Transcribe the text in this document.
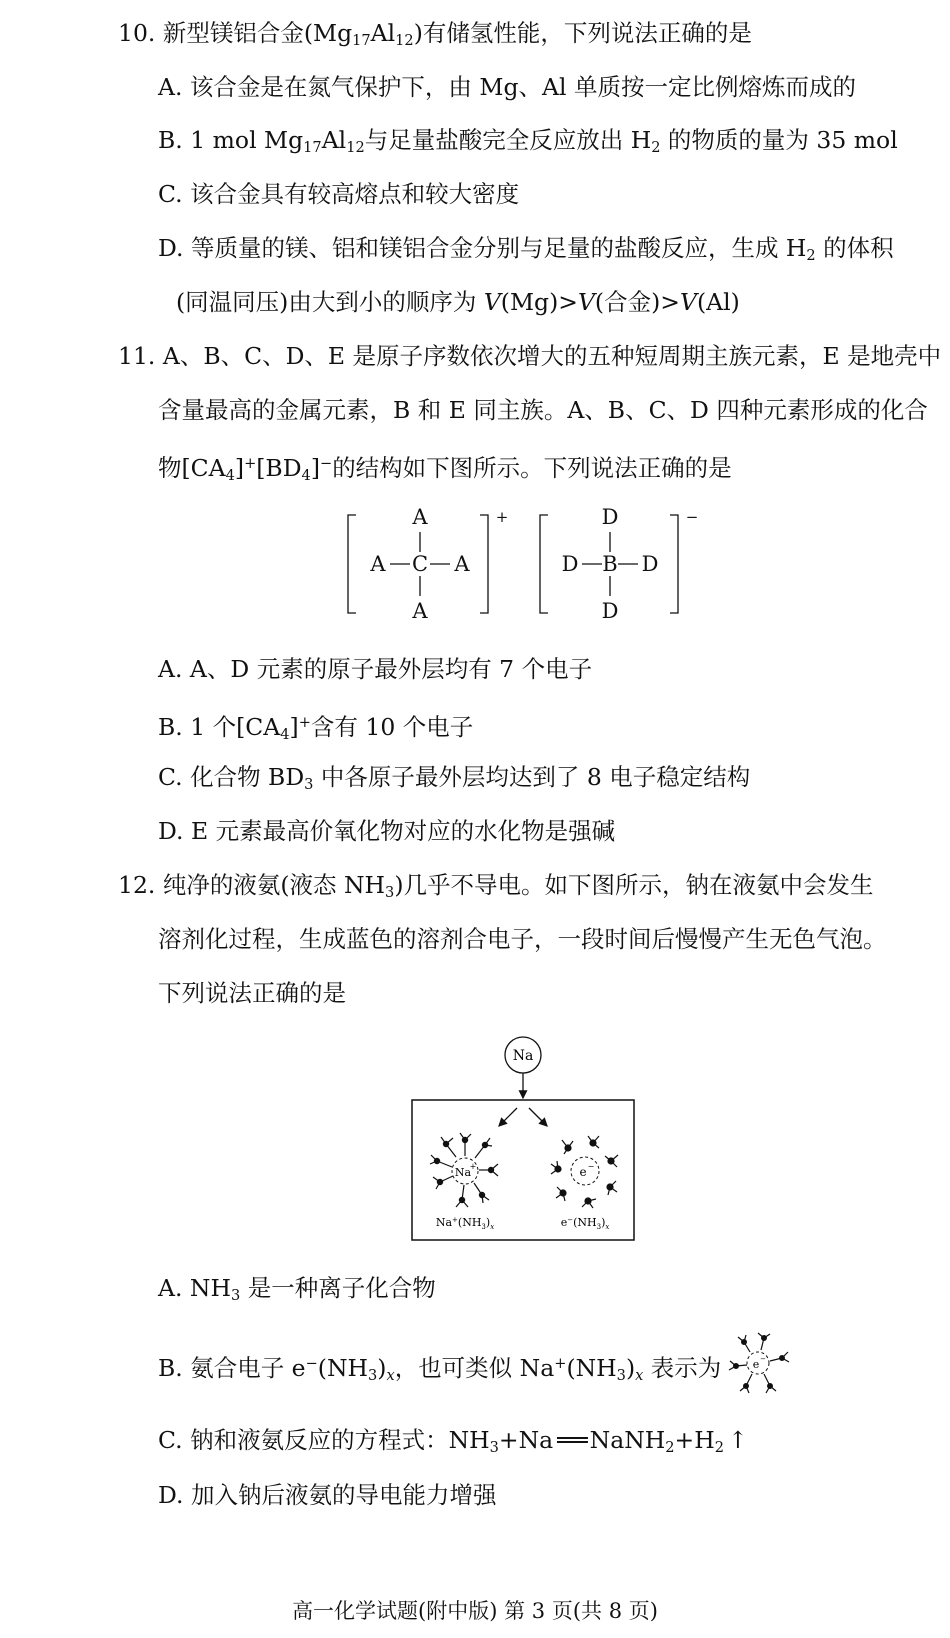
10. 新型镁铝合金$(Mg_{17}Al_{12})$有储氢性能，下列说法正确的是
A. 该合金是在氮气保护下，由 Mg、Al 单质按一定比例熔炼而成的
B. 1 mol $Mg_{17}Al_{12}$与足量盐酸完全反应放出 $H_2$ 的物质的量为 35 mol
C. 该合金具有较高熔点和较大密度
D. 等质量的镁、铝和镁铝合金分别与足量的盐酸反应，生成 $H_2$ 的体积
(同温同压)由大到小的顺序为 V(Mg)>V(合金)>V(Al)
11. A、B、C、D、E 是原子序数依次增大的五种短周期主族元素，E 是地壳中
含量最高的金属元素，B 和 E 同主族。A、B、C、D 四种元素形成的化合
物$[CA_4]^+[BD_4]^-$的结构如下图所示。下列说法正确的是
A
C
A
A	A
+	D
B
D
D	D
−
A. A、D 元素的原子最外层均有 7 个电子
B. 1 个$[CA_4]^+$含有 10 个电子
C. 化合物 $BD_3$ 中各原子最外层均达到了 8 电子稳定结构
D. E 元素最高价氧化物对应的水化物是强碱
12. 纯净的液氨(液态 $NH_3$)几乎不导电。如下图所示，钠在液氨中会发生
溶剂化过程，生成蓝色的溶剂合电子，一段时间后慢慢产生无色气泡。
下列说法正确的是
Na
Na
+
$Na^+(NH_3)_x$
e −
$e^-(NH_3)_x$
A. $NH_3$ 是一种离子化合物
B. 氨合电子 $e^-(NH_3)_x$，也可类似 $Na^+(NH_3)_x$ 表示为	e −
C. 钠和液氨反应的方程式：$NH_3+Na$ ═══ $NaNH_2+H_2$ ↑
D. 加入钠后液氨的导电能力增强
高一化学试题(附中版) 第 3 页(共 8 页)
